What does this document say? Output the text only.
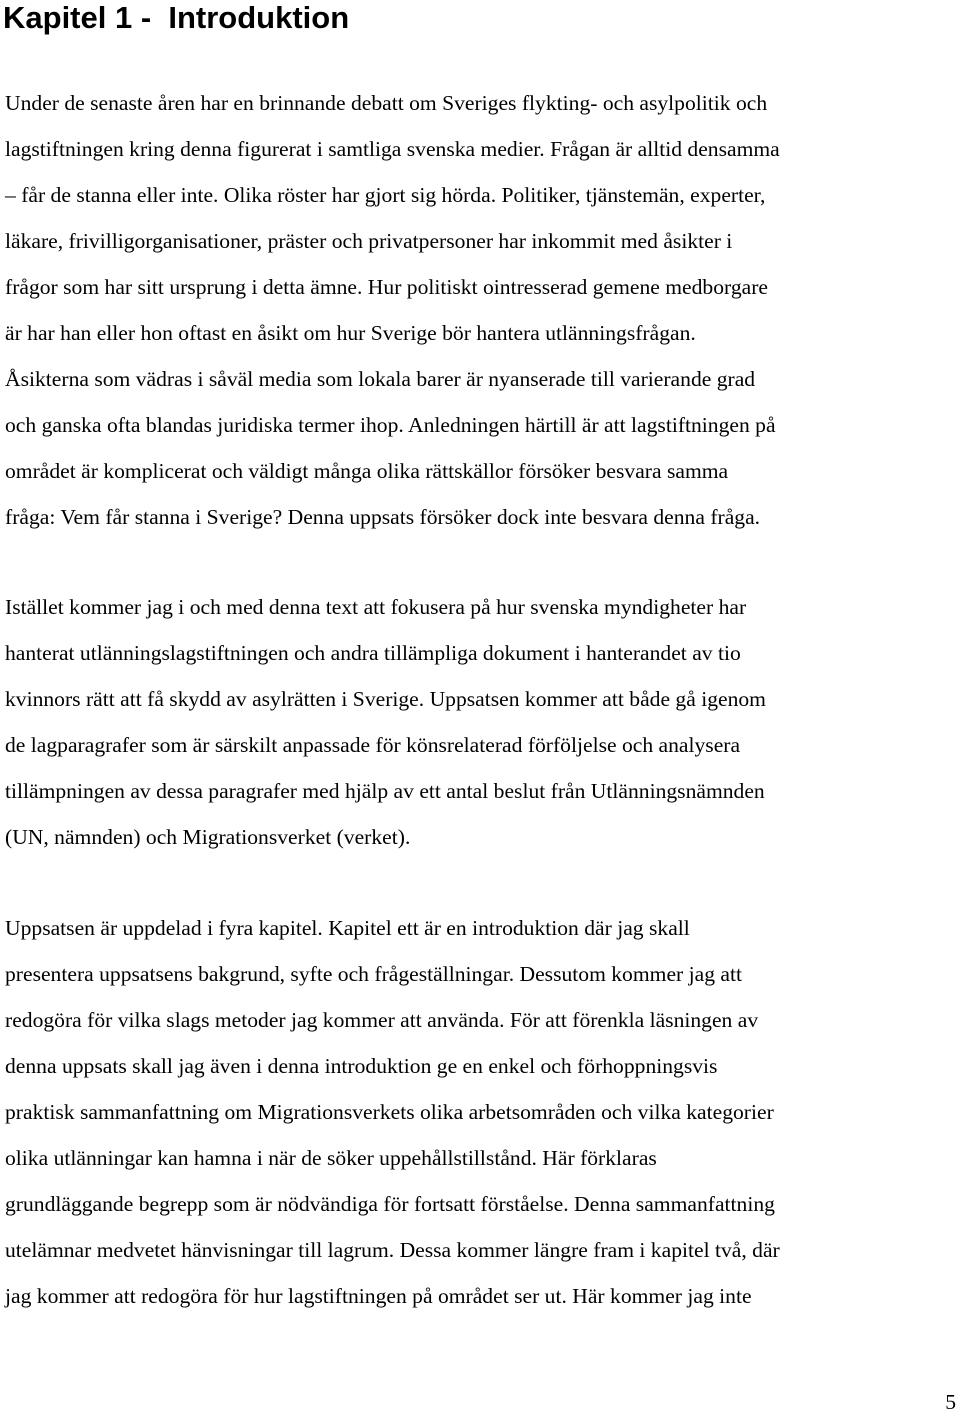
Kapitel 1 -  Introduktion
Under de senaste åren har en brinnande debatt om Sveriges flykting- och asylpolitik och
lagstiftningen kring denna figurerat i samtliga svenska medier. Frågan är alltid densamma
– får de stanna eller inte. Olika röster har gjort sig hörda. Politiker, tjänstemän, experter,
läkare, frivilligorganisationer, präster och privatpersoner har inkommit med åsikter i
frågor som har sitt ursprung i detta ämne. Hur politiskt ointresserad gemene medborgare
är har han eller hon oftast en åsikt om hur Sverige bör hantera utlänningsfrågan.
Åsikterna som vädras i såväl media som lokala barer är nyanserade till varierande grad
och ganska ofta blandas juridiska termer ihop. Anledningen härtill är att lagstiftningen på
området är komplicerat och väldigt många olika rättskällor försöker besvara samma
fråga: Vem får stanna i Sverige? Denna uppsats försöker dock inte besvara denna fråga.
Istället kommer jag i och med denna text att fokusera på hur svenska myndigheter har
hanterat utlänningslagstiftningen och andra tillämpliga dokument i hanterandet av tio
kvinnors rätt att få skydd av asylrätten i Sverige. Uppsatsen kommer att både gå igenom
de lagparagrafer som är särskilt anpassade för könsrelaterad förföljelse och analysera
tillämpningen av dessa paragrafer med hjälp av ett antal beslut från Utlänningsnämnden
(UN, nämnden) och Migrationsverket (verket).
Uppsatsen är uppdelad i fyra kapitel. Kapitel ett är en introduktion där jag skall
presentera uppsatsens bakgrund, syfte och frågeställningar. Dessutom kommer jag att
redogöra för vilka slags metoder jag kommer att använda. För att förenkla läsningen av
denna uppsats skall jag även i denna introduktion ge en enkel och förhoppningsvis
praktisk sammanfattning om Migrationsverkets olika arbetsområden och vilka kategorier
olika utlänningar kan hamna i när de söker uppehållstillstånd. Här förklaras
grundläggande begrepp som är nödvändiga för fortsatt förståelse. Denna sammanfattning
utelämnar medvetet hänvisningar till lagrum. Dessa kommer längre fram i kapitel två, där
jag kommer att redogöra för hur lagstiftningen på området ser ut. Här kommer jag inte
5
